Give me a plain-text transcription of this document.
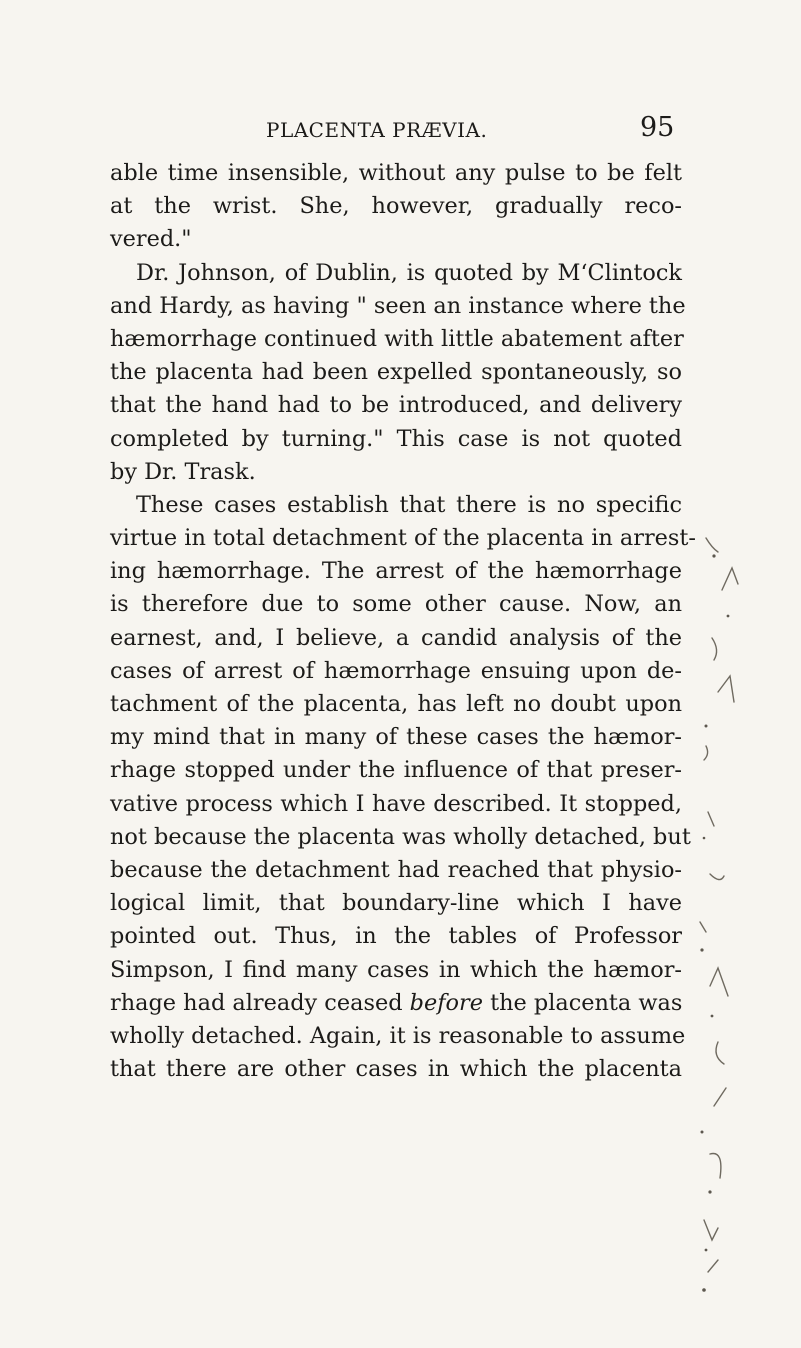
PLACENTA PRÆVIA.	95
able time insensible, without any pulse to be felt
at the wrist. She, however, gradually reco-
vered."
Dr. Johnson, of Dublin, is quoted by M‘Clintock
and Hardy, as having " seen an instance where the
hæmorrhage continued with little abatement after
the placenta had been expelled spontaneously, so
that the hand had to be introduced, and delivery
completed by turning." This case is not quoted
by Dr. Trask.
These cases establish that there is no specific
virtue in total detachment of the placenta in arrest-
ing hæmorrhage. The arrest of the hæmorrhage
is therefore due to some other cause. Now, an
earnest, and, I believe, a candid analysis of the
cases of arrest of hæmorrhage ensuing upon de-
tachment of the placenta, has left no doubt upon
my mind that in many of these cases the hæmor-
rhage stopped under the influence of that preser-
vative process which I have described. It stopped,
not because the placenta was wholly detached, but
because the detachment had reached that physio-
logical limit, that boundary-line which I have
pointed out. Thus, in the tables of Professor
Simpson, I find many cases in which the hæmor-
rhage had already ceased before the placenta was
wholly detached. Again, it is reasonable to assume
that there are other cases in which the placenta
